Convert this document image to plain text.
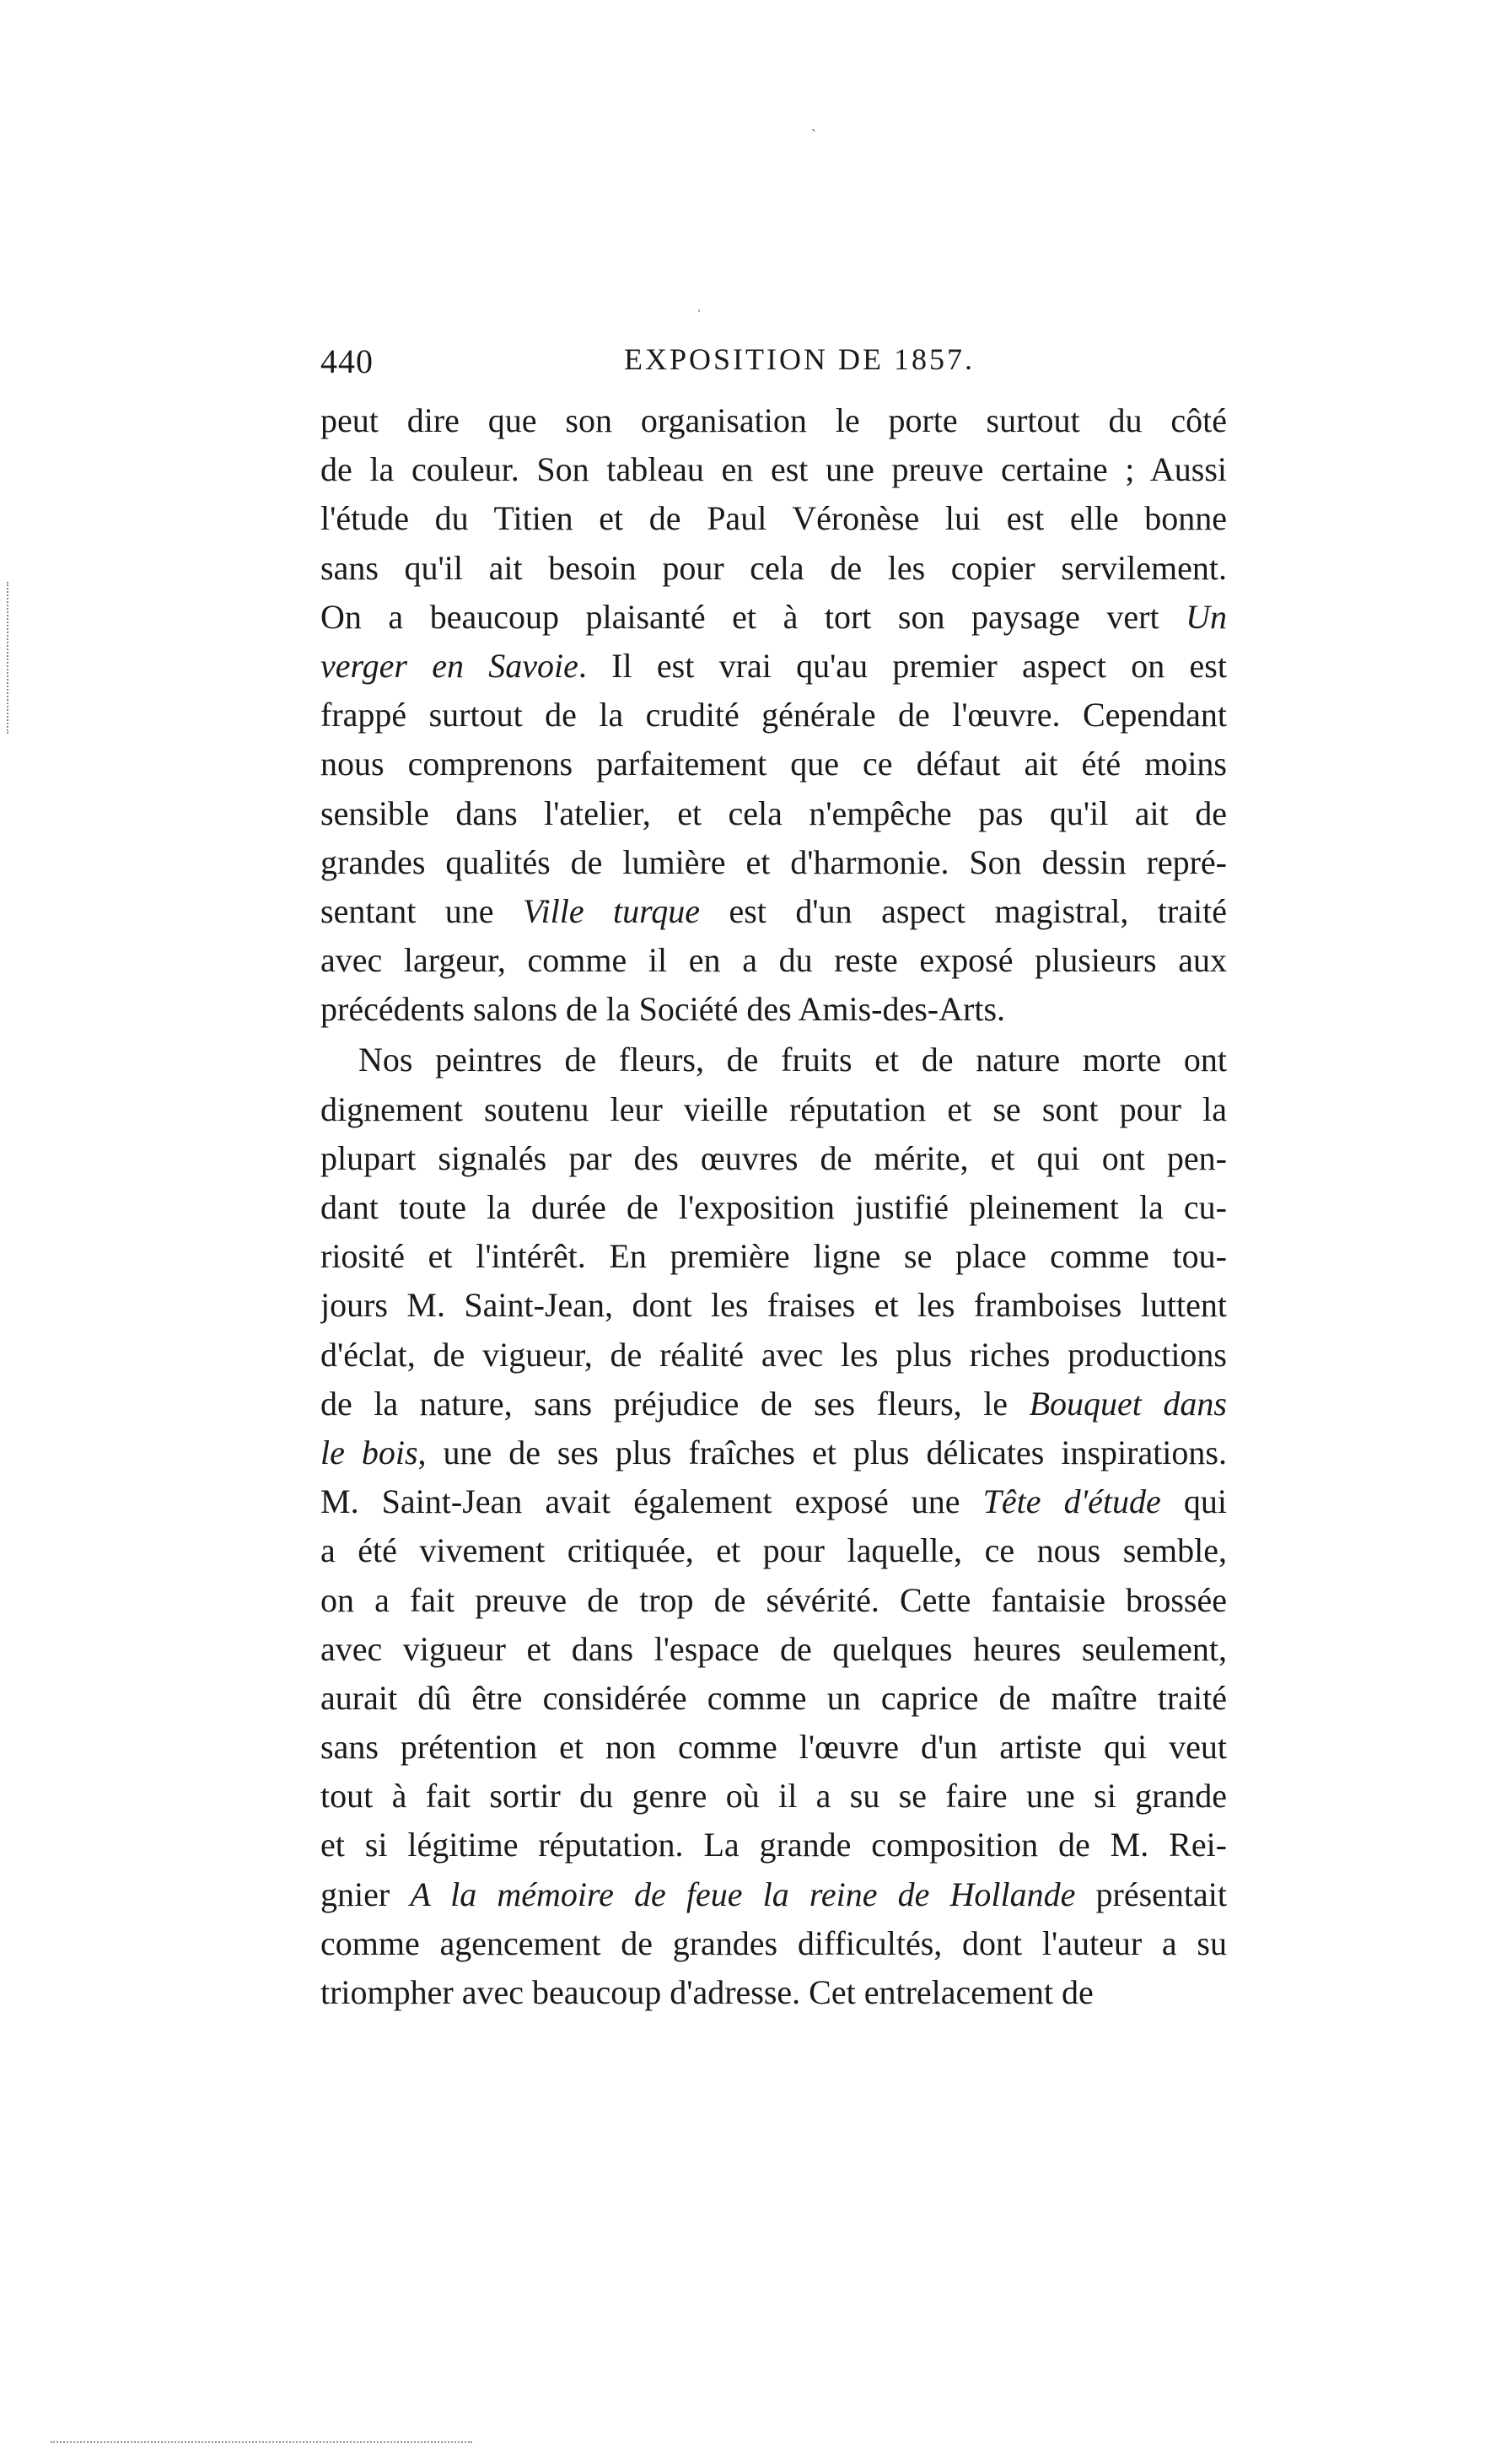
ˋ
ˌ
440	EXPOSITION DE 1857.
peut dire que son organisation le porte surtout du côté
de la couleur. Son tableau en est une preuve certaine ; Aussi
l'étude du Titien et de Paul Véronèse lui est elle bonne
sans qu'il ait besoin pour cela de les copier servilement.
On a beaucoup plaisanté et à tort son paysage vert Un
verger en Savoie. Il est vrai qu'au premier aspect on est
frappé surtout de la crudité générale de l'œuvre. Cependant
nous comprenons parfaitement que ce défaut ait été moins
sensible dans l'atelier, et cela n'empêche pas qu'il ait de
grandes qualités de lumière et d'harmonie. Son dessin repré-
sentant une Ville turque est d'un aspect magistral, traité
avec largeur, comme il en a du reste exposé plusieurs aux
précédents salons de la Société des Amis-des-Arts.
Nos peintres de fleurs, de fruits et de nature morte ont
dignement soutenu leur vieille réputation et se sont pour la
plupart signalés par des œuvres de mérite, et qui ont pen-
dant toute la durée de l'exposition justifié pleinement la cu-
riosité et l'intérêt. En première ligne se place comme tou-
jours M. Saint-Jean, dont les fraises et les framboises luttent
d'éclat, de vigueur, de réalité avec les plus riches productions
de la nature, sans préjudice de ses fleurs, le Bouquet dans
le bois, une de ses plus fraîches et plus délicates inspirations.
M. Saint-Jean avait également exposé une Tête d'étude qui
a été vivement critiquée, et pour laquelle, ce nous semble,
on a fait preuve de trop de sévérité. Cette fantaisie brossée
avec vigueur et dans l'espace de quelques heures seulement,
aurait dû être considérée comme un caprice de maître traité
sans prétention et non comme l'œuvre d'un artiste qui veut
tout à fait sortir du genre où il a su se faire une si grande
et si légitime réputation. La grande composition de M. Rei-
gnier A la mémoire de feue la reine de Hollande présentait
comme agencement de grandes difficultés, dont l'auteur a su
triompher avec beaucoup d'adresse. Cet entrelacement de
